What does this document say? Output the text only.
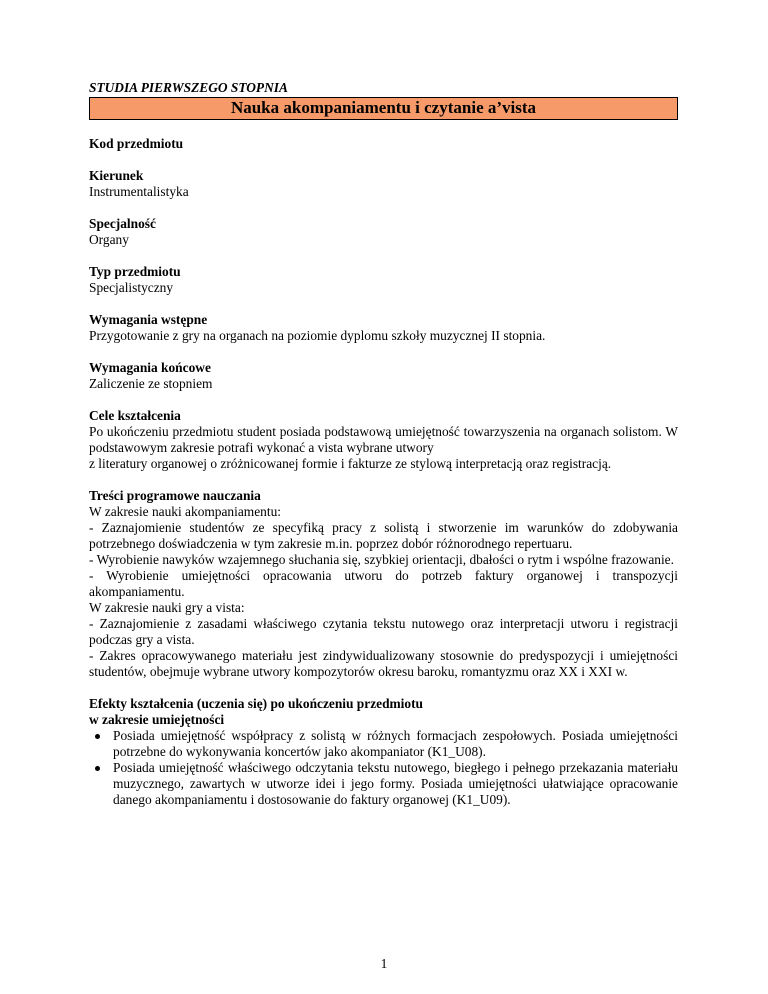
STUDIA PIERWSZEGO STOPNIA

Nauka akompaniamentu i czytanie a’vista

Kod przedmiotu

Kierunek

Instrumentalistyka

Specjalność

Organy

Typ przedmiotu

Specjalistyczny

Wymagania wstępne

Przygotowanie z gry na organach na poziomie dyplomu szkoły muzycznej II stopnia.

Wymagania końcowe

Zaliczenie ze stopniem

Cele kształcenia

Po ukończeniu przedmiotu student posiada podstawową umiejętność towarzyszenia na organach solistom. W podstawowym zakresie potrafi wykonać a vista wybrane utwory

z literatury organowej o zróżnicowanej formie i fakturze ze stylową interpretacją oraz registracją.

Treści programowe nauczania

W zakresie nauki akompaniamentu:

- Zaznajomienie studentów ze specyfiką pracy z solistą i stworzenie im warunków do zdobywania potrzebnego doświadczenia w tym zakresie m.in. poprzez dobór różnorodnego repertuaru.

- Wyrobienie nawyków wzajemnego słuchania się, szybkiej orientacji, dbałości o rytm i wspólne frazowanie.

- Wyrobienie umiejętności opracowania utworu do potrzeb faktury organowej i transpozycji akompaniamentu.

W zakresie nauki gry a vista:

- Zaznajomienie z zasadami właściwego czytania tekstu nutowego oraz interpretacji utworu i registracji podczas gry a vista.

- Zakres opracowywanego materiału jest zindywidualizowany stosownie do predyspozycji i umiejętności studentów, obejmuje wybrane utwory kompozytorów okresu baroku, romantyzmu oraz XX i XXI w.

Efekty kształcenia (uczenia się) po ukończeniu przedmiotu

w zakresie umiejętności

Posiada umiejętność współpracy z solistą w różnych formacjach zespołowych. Posiada umiejętności potrzebne do wykonywania koncertów jako akompaniator (K1_U08).
Posiada umiejętność właściwego odczytania tekstu nutowego, biegłego i pełnego przekazania materiału muzycznego, zawartych w utworze idei i jego formy. Posiada umiejętności ułatwiające opracowanie danego akompaniamentu i dostosowanie do faktury organowej (K1_U09).
1
